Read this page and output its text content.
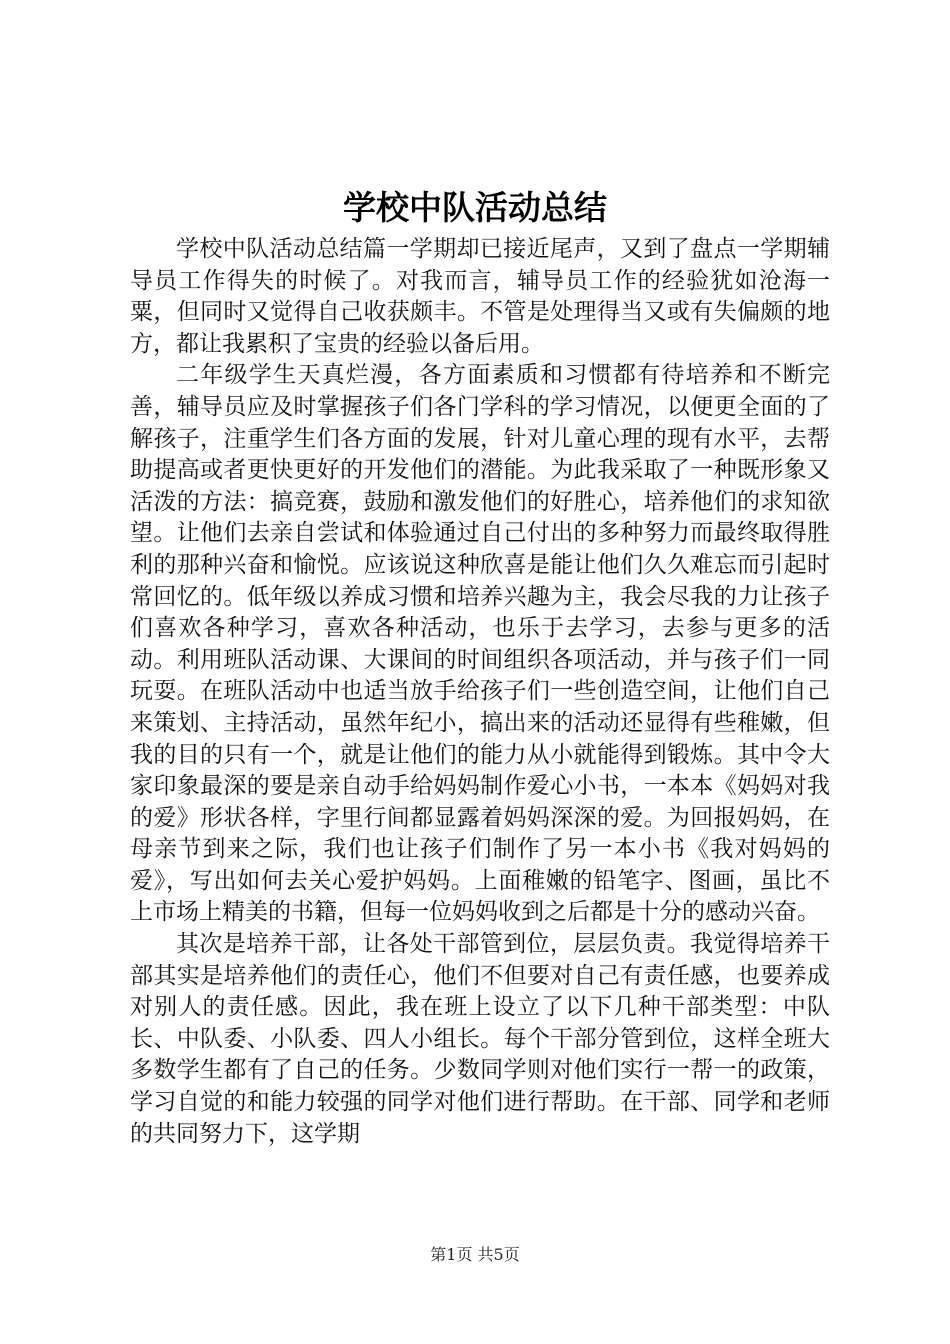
学校中队活动总结

学校中队活动总结篇一学期却已接近尾声，又到了盘点一学期辅导员工作得失的时候了。对我而言，辅导员工作的经验犹如沧海一粟，但同时又觉得自己收获颇丰。不管是处理得当又或有失偏颇的地方，都让我累积了宝贵的经验以备后用。

二年级学生天真烂漫，各方面素质和习惯都有待培养和不断完善，辅导员应及时掌握孩子们各门学科的学习情况，以便更全面的了解孩子，注重学生们各方面的发展，针对儿童心理的现有水平，去帮助提高或者更快更好的开发他们的潜能。为此我采取了一种既形象又活泼的方法：搞竞赛，鼓励和激发他们的好胜心，培养他们的求知欲望。让他们去亲自尝试和体验通过自己付出的多种努力而最终取得胜利的那种兴奋和愉悦。应该说这种欣喜是能让他们久久难忘而引起时常回忆的。低年级以养成习惯和培养兴趣为主，我会尽我的力让孩子们喜欢各种学习，喜欢各种活动，也乐于去学习，去参与更多的活动。利用班队活动课、大课间的时间组织各项活动，并与孩子们一同玩耍。在班队活动中也适当放手给孩子们一些创造空间，让他们自己来策划、主持活动，虽然年纪小，搞出来的活动还显得有些稚嫩，但我的目的只有一个，就是让他们的能力从小就能得到锻炼。其中令大家印象最深的要是亲自动手给妈妈制作爱心小书，一本本《妈妈对我的爱》形状各样，字里行间都显露着妈妈深深的爱。为回报妈妈，在母亲节到来之际，我们也让孩子们制作了另一本小书《我对妈妈的爱》，写出如何去关心爱护妈妈。上面稚嫩的铅笔字、图画，虽比不上市场上精美的书籍，但每一位妈妈收到之后都是十分的感动兴奋。

其次是培养干部，让各处干部管到位，层层负责。我觉得培养干部其实是培养他们的责任心，他们不但要对自己有责任感，也要养成对别人的责任感。因此，我在班上设立了以下几种干部类型：中队长、中队委、小队委、四人小组长。每个干部分管到位，这样全班大多数学生都有了自己的任务。少数同学则对他们实行一帮一的政策，学习自觉的和能力较强的同学对他们进行帮助。在干部、同学和老师的共同努力下，这学期

第1页 共5页
